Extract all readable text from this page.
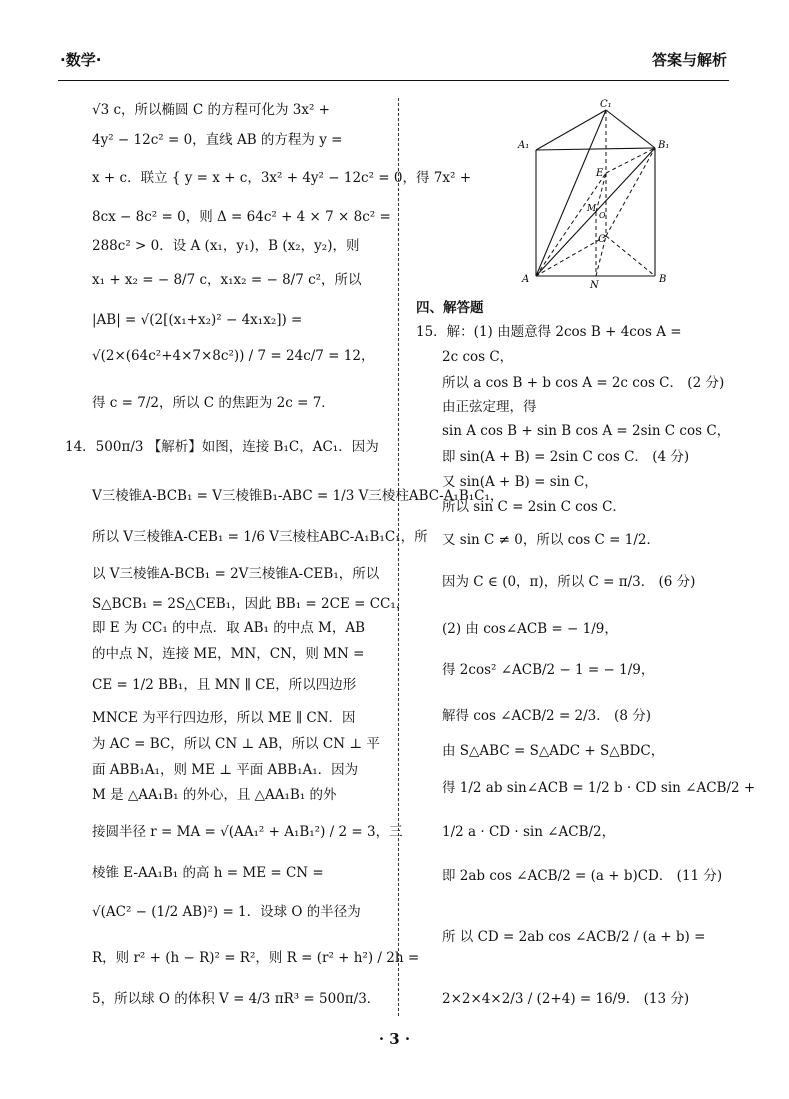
·数学·	答案与解析
√3 c，所以椭圆 C 的方程可化为 3x² +
4y² − 12c² = 0，直线 AB 的方程为 y =
x + c．联立 { y = x + c，3x² + 4y² − 12c² = 0，得 7x² +
8cx − 8c² = 0，则 Δ = 64c² + 4 × 7 × 8c² =
288c² > 0．设 A (x₁，y₁)，B (x₂，y₂)，则
x₁ + x₂ = − 8/7 c，x₁x₂ = − 8/7 c²，所以
|AB| = √(2[(x₁+x₂)² − 4x₁x₂]) =
√(2×(64c²+4×7×8c²)) / 7 = 24c/7 = 12，
得 c = 7/2，所以 C 的焦距为 2c = 7．
14．500π/3 【解析】如图，连接 B₁C，AC₁．因为
V三棱锥A-BCB₁ = V三棱锥B₁-ABC = 1/3 V三棱柱ABC-A₁B₁C₁，
所以 V三棱锥A-CEB₁ = 1/6 V三棱柱ABC-A₁B₁C₁，所
以 V三棱锥A-BCB₁ = 2V三棱锥A-CEB₁，所以
S△BCB₁ = 2S△CEB₁，因此 BB₁ = 2CE = CC₁，
即 E 为 CC₁ 的中点．取 AB₁ 的中点 M，AB
的中点 N，连接 ME，MN，CN，则 MN =
CE = 1/2 BB₁，且 MN ∥ CE，所以四边形
MNCE 为平行四边形，所以 ME ∥ CN．因
为 AC = BC，所以 CN ⊥ AB，所以 CN ⊥ 平
面 ABB₁A₁，则 ME ⊥ 平面 ABB₁A₁．因为
M 是 △AA₁B₁ 的外心，且 △AA₁B₁ 的外
接圆半径 r = MA = √(AA₁² + A₁B₁²) / 2 = 3，三
棱锥 E-AA₁B₁ 的高 h = ME = CN =
√(AC² − (1/2 AB)²) = 1．设球 O 的半径为
R，则 r² + (h − R)² = R²，则 R = (r² + h²) / 2h =
5，所以球 O 的体积 V = 4/3 πR³ = 500π/3．
C₁
A₁	B₁
E
M
O
C
A
N
B
四、解答题
15．解：(1) 由题意得 2cos B + 4cos A =
2c cos C，
所以 a cos B + b cos A = 2c cos C． (2 分)
由正弦定理，得
sin A cos B + sin B cos A = 2sin C cos C，
即 sin(A + B) = 2sin C cos C． (4 分)
又 sin(A + B) = sin C，
所以 sin C = 2sin C cos C．
又 sin C ≠ 0，所以 cos C = 1/2．
因为 C ∈ (0，π)，所以 C = π/3． (6 分)
(2) 由 cos∠ACB = − 1/9，
得 2cos² ∠ACB/2 − 1 = − 1/9，
解得 cos ∠ACB/2 = 2/3． (8 分)
由 S△ABC = S△ADC + S△BDC，
得 1/2 ab sin∠ACB = 1/2 b · CD sin ∠ACB/2 +
1/2 a · CD · sin ∠ACB/2，
即 2ab cos ∠ACB/2 = (a + b)CD． (11 分)
所 以 CD = 2ab cos ∠ACB/2 / (a + b) =
2×2×4×2/3 / (2+4) = 16/9． (13 分)
· 3 ·
